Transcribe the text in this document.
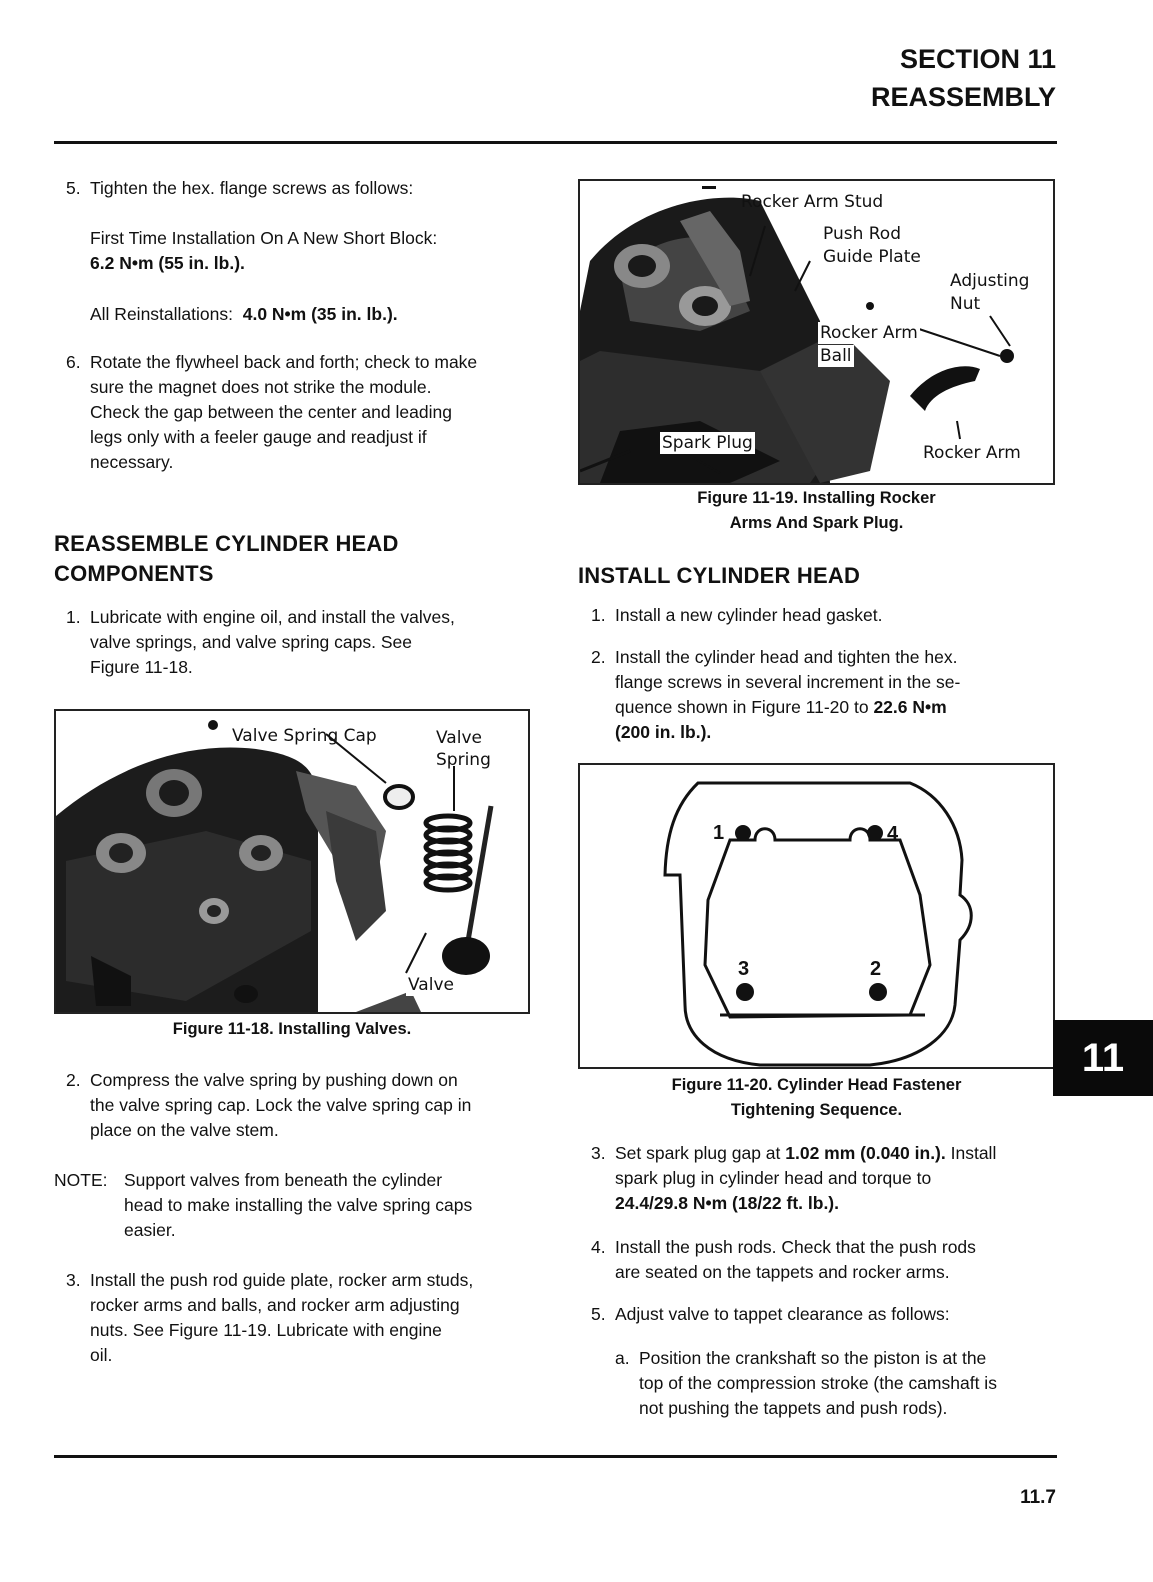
SECTION 11
REASSEMBLY
5. Tighten the hex. flange screws as follows:
First Time Installation On A New Short Block:
6.2 N•m (55 in. lb.).
All Reinstallations: 4.0 N•m (35 in. lb.).
6. Rotate the flywheel back and forth; check to make
sure the magnet does not strike the module.
Check the gap between the center and leading
legs only with a feeler gauge and readjust if
necessary.
REASSEMBLE CYLINDER HEAD
COMPONENTS
1. Lubricate with engine oil, and install the valves,
valve springs, and valve spring caps. See
Figure 11-18.
Valve Spring Cap	Valve
Spring
Valve
Figure 11-18. Installing Valves.
2. Compress the valve spring by pushing down on
the valve spring cap. Lock the valve spring cap in
place on the valve stem.
NOTE: Support valves from beneath the cylinder
head to make installing the valve spring caps
easier.
3. Install the push rod guide plate, rocker arm studs,
rocker arms and balls, and rocker arm adjusting
nuts. See Figure 11-19. Lubricate with engine
oil.
Rocker Arm Stud
Push Rod
Guide Plate
Adjusting
Nut
Rocker Arm
Ball
Spark Plug	Rocker Arm
Figure 11-19. Installing Rocker
Arms And Spark Plug.
INSTALL CYLINDER HEAD
1. Install a new cylinder head gasket.
2. Install the cylinder head and tighten the hex.
flange screws in several increment in the se-
quence shown in Figure 11-20 to 22.6 N•m
(200 in. lb.).
1	4
3	2
Figure 11-20. Cylinder Head Fastener
Tightening Sequence.
3. Set spark plug gap at 1.02 mm (0.040 in.). Install
spark plug in cylinder head and torque to
24.4/29.8 N•m (18/22 ft. lb.).
4. Install the push rods. Check that the push rods
are seated on the tappets and rocker arms.
5. Adjust valve to tappet clearance as follows:
a. Position the crankshaft so the piston is at the
top of the compression stroke (the camshaft is
not pushing the tappets and push rods).
11
11.7
